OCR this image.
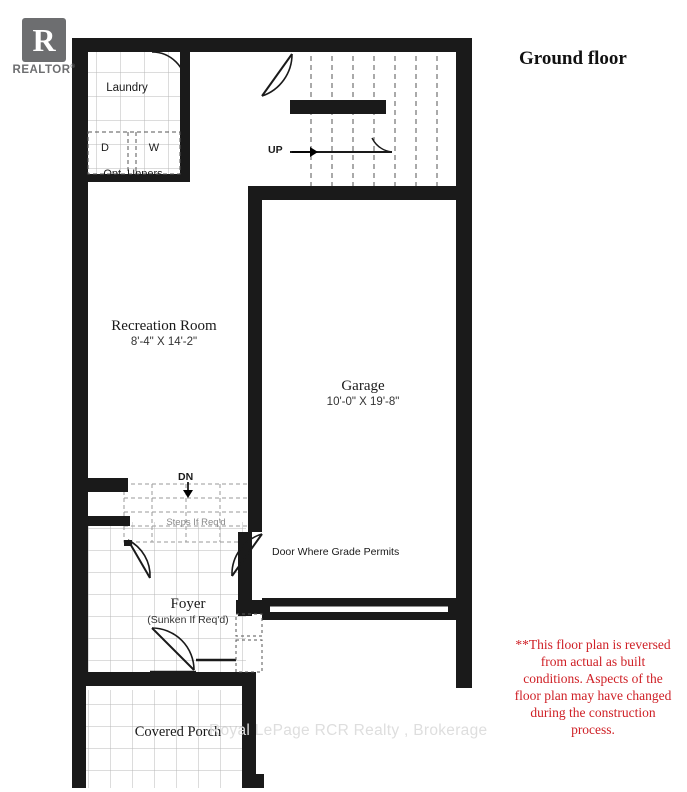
R
REALTOR®	Ground floor
Recreation Room
8'-4" X 14'-2"
Garage
10'-0" X 19'-8"
Foyer
(Sunken If Req'd)
Covered Porch
Laundry
Opt. Uppers
D	W	UP
DN
Steps If Req'd
Door Where Grade Permits
**This floor plan is reversed from actual as built conditions. Aspects of the floor plan may have changed during the construction process.
Royal LePage RCR Realty , Brokerage
